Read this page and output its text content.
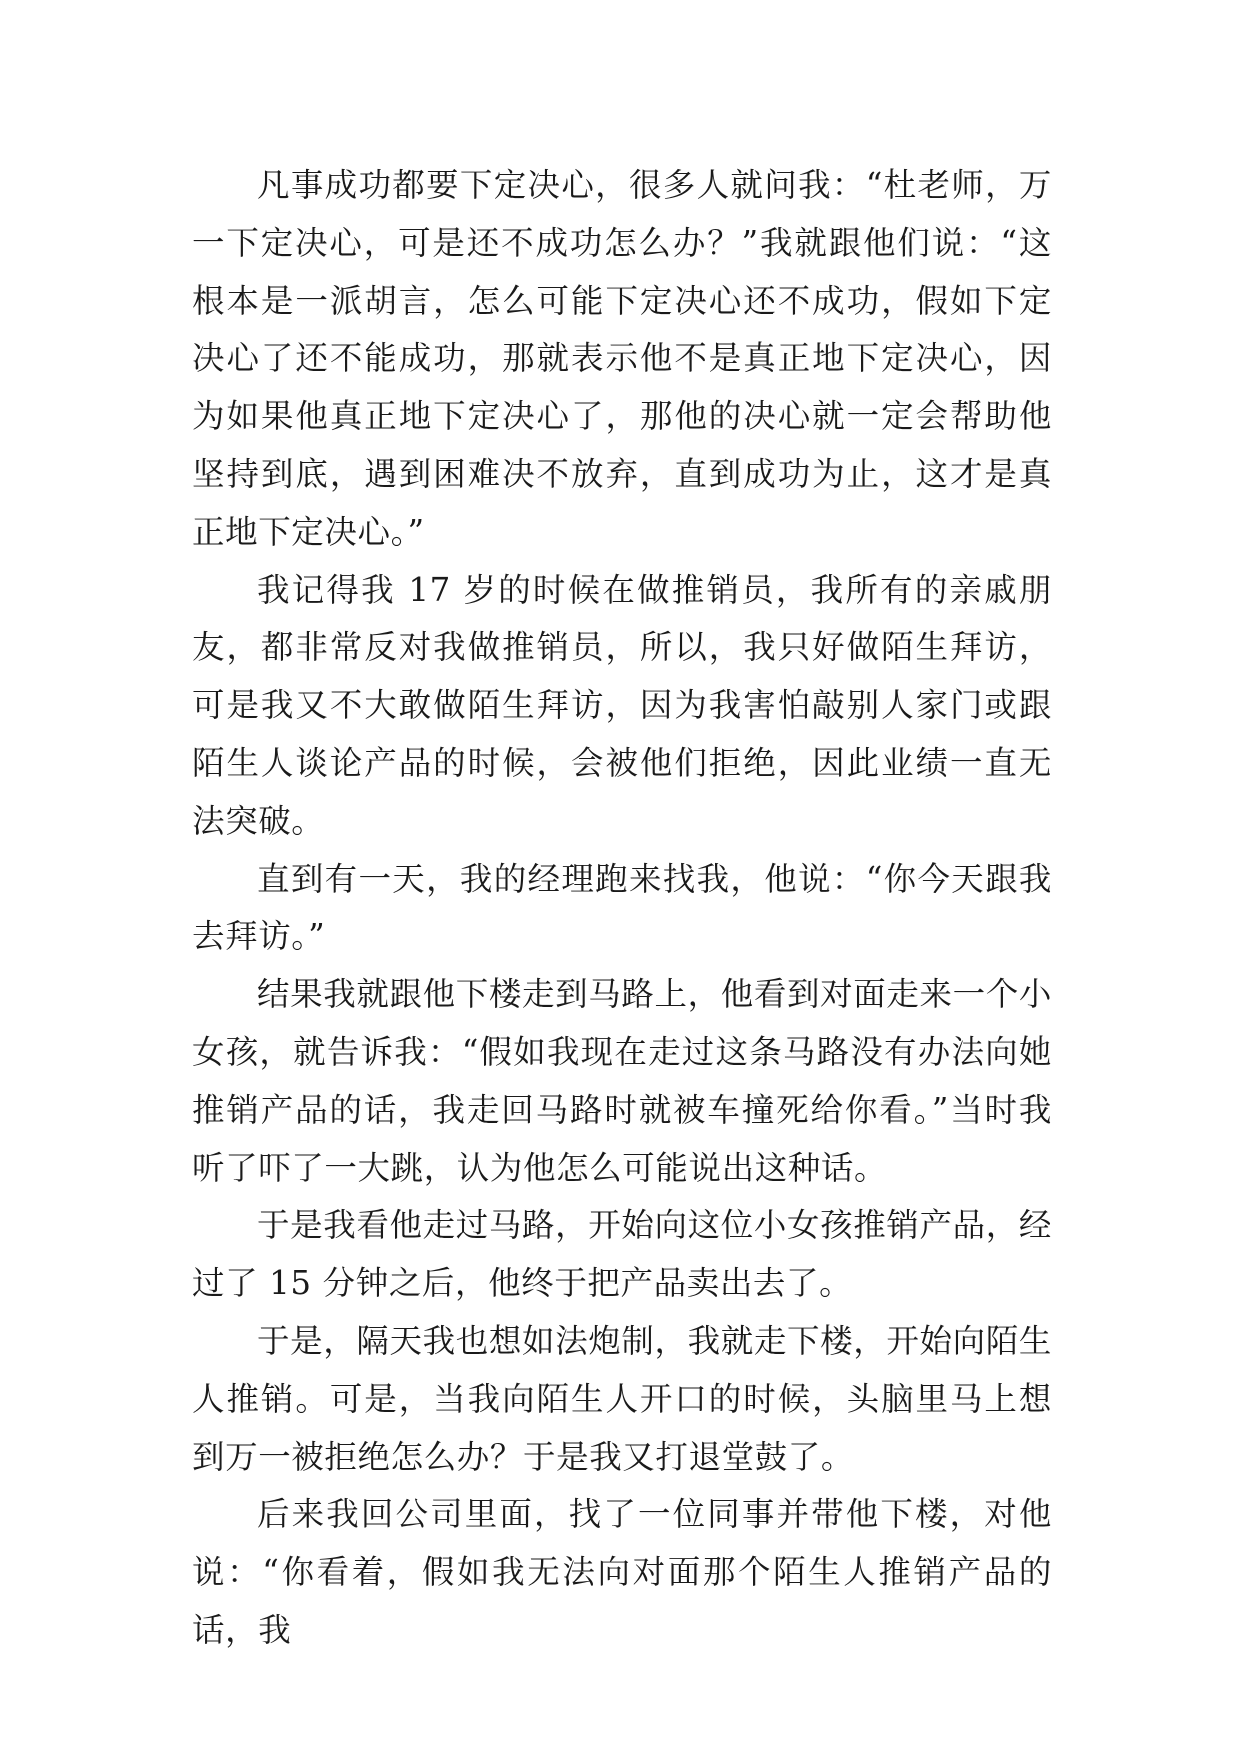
凡事成功都要下定决心，很多人就问我：“杜老师，万一下定决心，可是还不成功怎么办？”我就跟他们说：“这根本是一派胡言，怎么可能下定决心还不成功，假如下定决心了还不能成功，那就表示他不是真正地下定决心，因为如果他真正地下定决心了，那他的决心就一定会帮助他坚持到底，遇到困难决不放弃，直到成功为止，这才是真正地下定决心。”

我记得我 17 岁的时候在做推销员，我所有的亲戚朋友，都非常反对我做推销员，所以，我只好做陌生拜访，可是我又不大敢做陌生拜访，因为我害怕敲别人家门或跟陌生人谈论产品的时候，会被他们拒绝，因此业绩一直无法突破。

直到有一天，我的经理跑来找我，他说：“你今天跟我去拜访。”

结果我就跟他下楼走到马路上，他看到对面走来一个小女孩，就告诉我：“假如我现在走过这条马路没有办法向她推销产品的话，我走回马路时就被车撞死给你看。”当时我听了吓了一大跳，认为他怎么可能说出这种话。

于是我看他走过马路，开始向这位小女孩推销产品，经过了 15 分钟之后，他终于把产品卖出去了。

于是，隔天我也想如法炮制，我就走下楼，开始向陌生人推销。可是，当我向陌生人开口的时候，头脑里马上想到万一被拒绝怎么办？于是我又打退堂鼓了。

后来我回公司里面，找了一位同事并带他下楼，对他说：“你看着，假如我无法向对面那个陌生人推销产品的话，我
